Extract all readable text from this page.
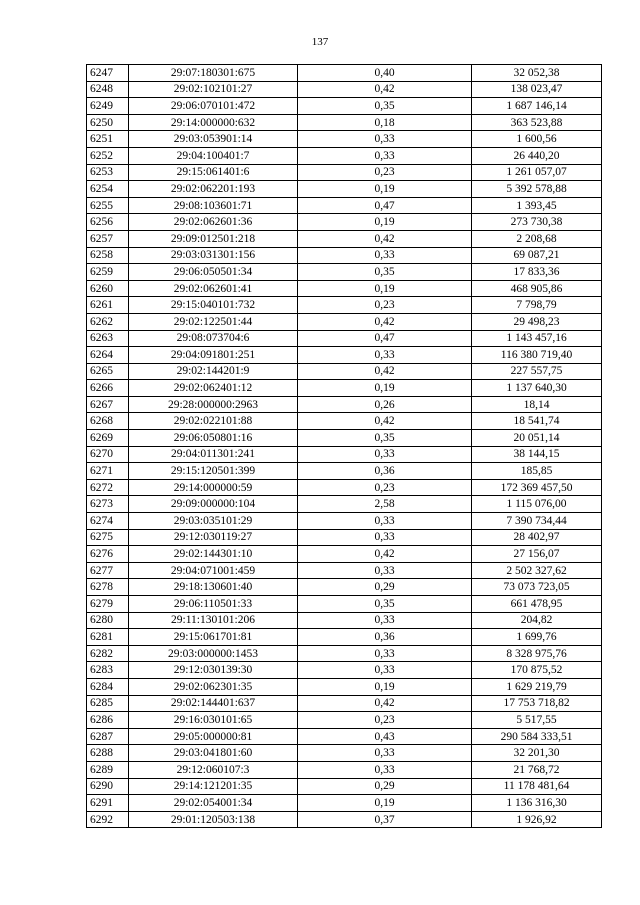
137
6247	29:07:180301:675	0,40	32 052,38
6248	29:02:102101:27	0,42	138 023,47
6249	29:06:070101:472	0,35	1 687 146,14
6250	29:14:000000:632	0,18	363 523,88
6251	29:03:053901:14	0,33	1 600,56
6252	29:04:100401:7	0,33	26 440,20
6253	29:15:061401:6	0,23	1 261 057,07
6254	29:02:062201:193	0,19	5 392 578,88
6255	29:08:103601:71	0,47	1 393,45
6256	29:02:062601:36	0,19	273 730,38
6257	29:09:012501:218	0,42	2 208,68
6258	29:03:031301:156	0,33	69 087,21
6259	29:06:050501:34	0,35	17 833,36
6260	29:02:062601:41	0,19	468 905,86
6261	29:15:040101:732	0,23	7 798,79
6262	29:02:122501:44	0,42	29 498,23
6263	29:08:073704:6	0,47	1 143 457,16
6264	29:04:091801:251	0,33	116 380 719,40
6265	29:02:144201:9	0,42	227 557,75
6266	29:02:062401:12	0,19	1 137 640,30
6267	29:28:000000:2963	0,26	18,14
6268	29:02:022101:88	0,42	18 541,74
6269	29:06:050801:16	0,35	20 051,14
6270	29:04:011301:241	0,33	38 144,15
6271	29:15:120501:399	0,36	185,85
6272	29:14:000000:59	0,23	172 369 457,50
6273	29:09:000000:104	2,58	1 115 076,00
6274	29:03:035101:29	0,33	7 390 734,44
6275	29:12:030119:27	0,33	28 402,97
6276	29:02:144301:10	0,42	27 156,07
6277	29:04:071001:459	0,33	2 502 327,62
6278	29:18:130601:40	0,29	73 073 723,05
6279	29:06:110501:33	0,35	661 478,95
6280	29:11:130101:206	0,33	204,82
6281	29:15:061701:81	0,36	1 699,76
6282	29:03:000000:1453	0,33	8 328 975,76
6283	29:12:030139:30	0,33	170 875,52
6284	29:02:062301:35	0,19	1 629 219,79
6285	29:02:144401:637	0,42	17 753 718,82
6286	29:16:030101:65	0,23	5 517,55
6287	29:05:000000:81	0,43	290 584 333,51
6288	29:03:041801:60	0,33	32 201,30
6289	29:12:060107:3	0,33	21 768,72
6290	29:14:121201:35	0,29	11 178 481,64
6291	29:02:054001:34	0,19	1 136 316,30
6292	29:01:120503:138	0,37	1 926,92
